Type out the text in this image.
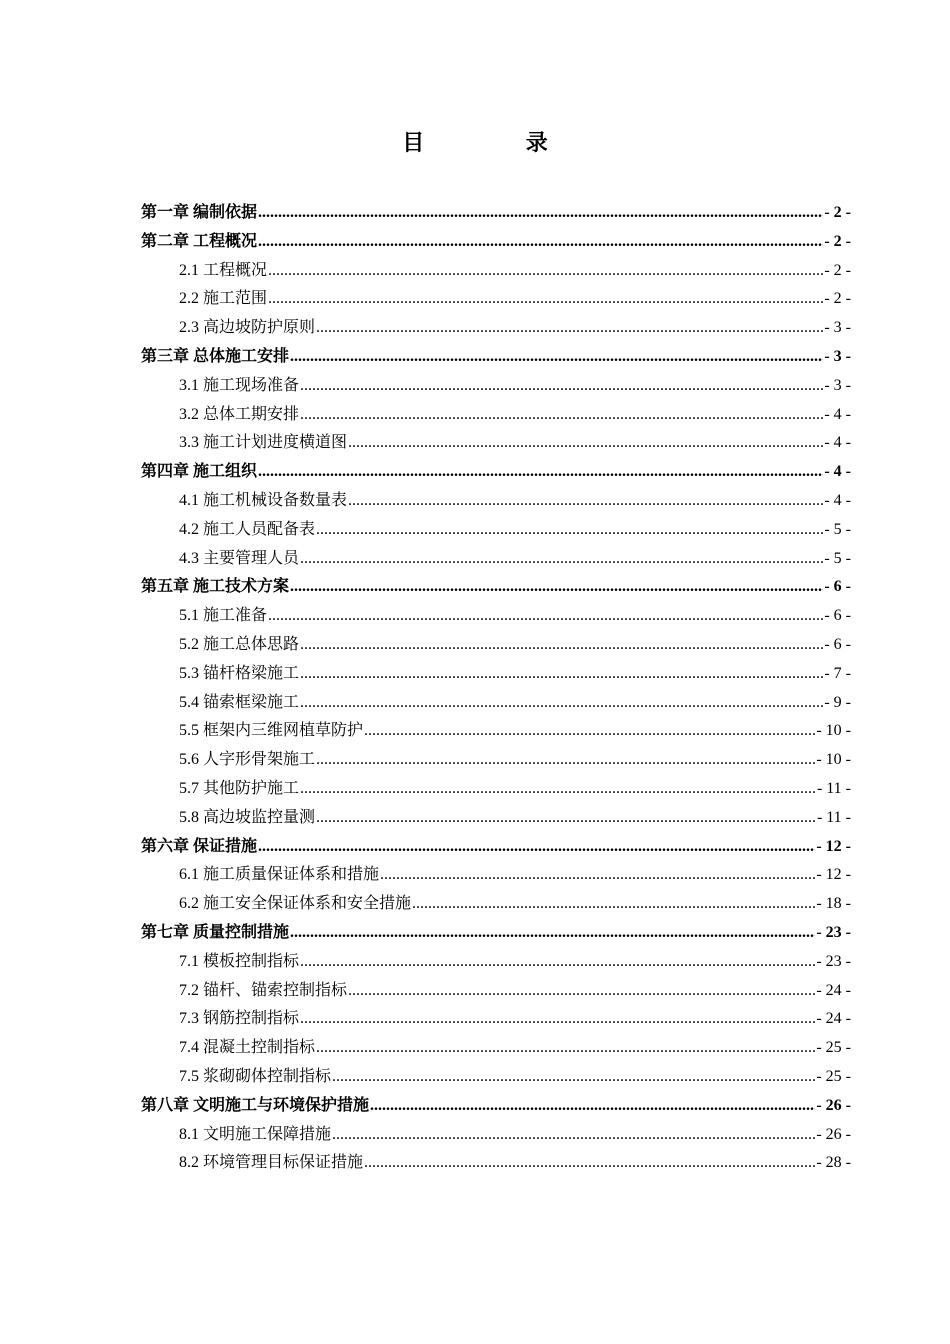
目 录
第一章 编制依据 .....	- 2 -
第二章 工程概况 .....	- 2 -
2.1 工程概况 .....	- 2 -
2.2 施工范围 .....	- 2 -
2.3 高边坡防护原则 .....	- 3 -
第三章 总体施工安排 .....	- 3 -
3.1 施工现场准备 .....	- 3 -
3.2 总体工期安排 .....	- 4 -
3.3 施工计划进度横道图 .....	- 4 -
第四章 施工组织 .....	- 4 -
4.1 施工机械设备数量表 .....	- 4 -
4.2 施工人员配备表 .....	- 5 -
4.3 主要管理人员 .....	- 5 -
第五章 施工技术方案 .....	- 6 -
5.1 施工准备 .....	- 6 -
5.2 施工总体思路 .....	- 6 -
5.3 锚杆格梁施工 .....	- 7 -
5.4 锚索框梁施工 .....	- 9 -
5.5 框架内三维网植草防护 .....	- 10 -
5.6 人字形骨架施工 .....	- 10 -
5.7 其他防护施工 .....	- 11 -
5.8 高边坡监控量测 .....	- 11 -
第六章 保证措施 .....	- 12 -
6.1 施工质量保证体系和措施 .....	- 12 -
6.2 施工安全保证体系和安全措施 .....	- 18 -
第七章 质量控制措施 .....	- 23 -
7.1 模板控制指标 .....	- 23 -
7.2 锚杆、锚索控制指标 .....	- 24 -
7.3 钢筋控制指标 .....	- 24 -
7.4 混凝土控制指标 .....	- 25 -
7.5 浆砌砌体控制指标 .....	- 25 -
第八章 文明施工与环境保护措施 .....	- 26 -
8.1 文明施工保障措施 .....	- 26 -
8.2 环境管理目标保证措施 .....	- 28 -
